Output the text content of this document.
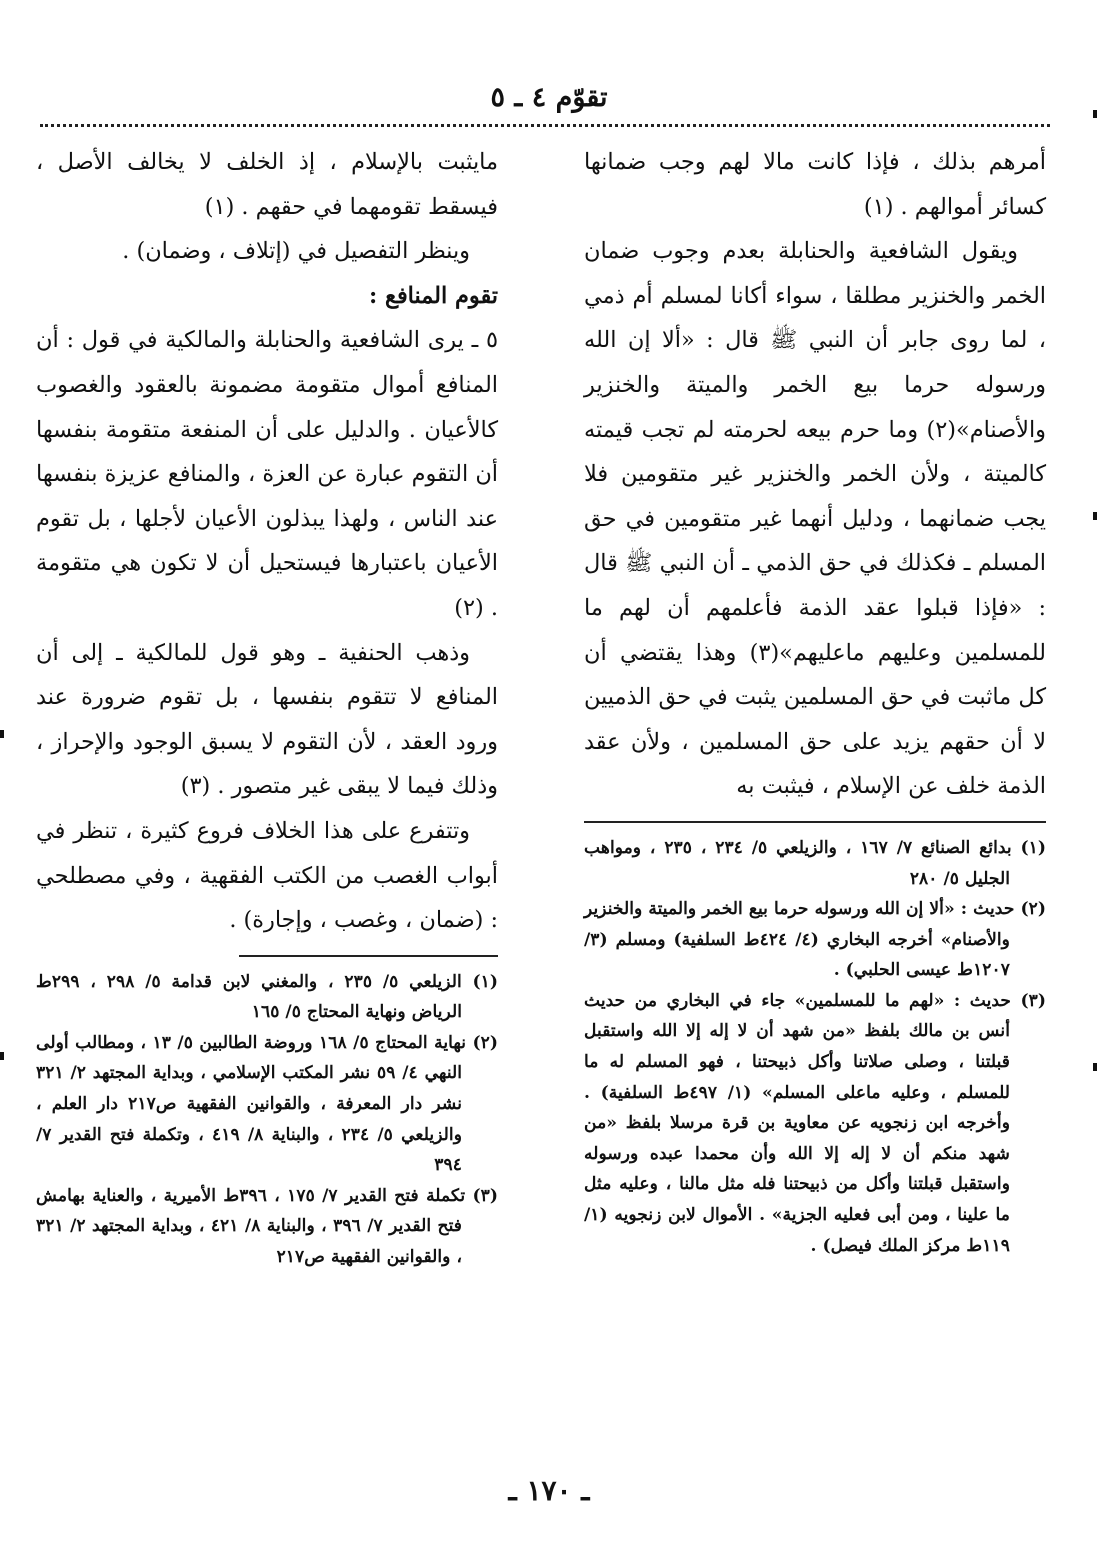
تقوّم ٤ ـ ٥

أمرهم بذلك ، فإذا كانت مالا لهم وجب ضمانها كسائر أموالهم . (١)

ويقول الشافعية والحنابلة بعدم وجوب ضمان الخمر والخنزير مطلقا ، سواء أكانا لمسلم أم ذمي ، لما روى جابر أن النبي ﷺ قال : «ألا إن الله ورسوله حرما بيع الخمر والميتة والخنزير والأصنام»(٢) وما حرم بيعه لحرمته لم تجب قيمته كالميتة ، ولأن الخمر والخنزير غير متقومين فلا يجب ضمانهما ، ودليل أنهما غير متقومين في حق المسلم ـ فكذلك في حق الذمي ـ أن النبي ﷺ قال : «فإذا قبلوا عقد الذمة فأعلمهم أن لهم ما للمسلمين وعليهم ماعليهم»(٣) وهذا يقتضي أن كل ماثبت في حق المسلمين يثبت في حق الذميين لا أن حقهم يزيد على حق المسلمين ، ولأن عقد الذمة خلف عن الإسلام ، فيثبت به

(١) بدائع الصنائع ٧/ ١٦٧ ، والزيلعي ٥/ ٢٣٤ ، ٢٣٥ ، ومواهب الجليل ٥/ ٢٨٠

(٢) حديث : «ألا إن الله ورسوله حرما بيع الخمر والميتة والخنزير والأصنام» أخرجه البخاري (٤/ ٤٢٤ط السلفية) ومسلم (٣/ ١٢٠٧ط عيسى الحلبي) .

(٣) حديث : «لهم ما للمسلمين» جاء في البخاري من حديث أنس بن مالك بلفظ «من شهد أن لا إله إلا الله واستقبل قبلتنا ، وصلى صلاتنا وأكل ذبيحتنا ، فهو المسلم له ما للمسلم ، وعليه ماعلى المسلم» (١/ ٤٩٧ط السلفية) . وأخرجه ابن زنجويه عن معاوية بن قرة مرسلا بلفظ «من شهد منكم أن لا إله إلا الله وأن محمدا عبده ورسوله واستقبل قبلتنا وأكل من ذبيحتنا فله مثل مالنا ، وعليه مثل ما علينا ، ومن أبى فعليه الجزية» . الأموال لابن زنجويه (١/ ١١٩ط مركز الملك فيصل) .

مايثبت بالإسلام ، إذ الخلف لا يخالف الأصل ، فيسقط تقومهما في حقهم . (١)

وينظر التفصيل في (إتلاف ، وضمان) .

تقوم المنافع :

٥ ـ يرى الشافعية والحنابلة والمالكية في قول : أن المنافع أموال متقومة مضمونة بالعقود والغصوب كالأعيان . والدليل على أن المنفعة متقومة بنفسها أن التقوم عبارة عن العزة ، والمنافع عزيزة بنفسها عند الناس ، ولهذا يبذلون الأعيان لأجلها ، بل تقوم الأعيان باعتبارها فيستحيل أن لا تكون هي متقومة . (٢)

وذهب الحنفية ـ وهو قول للمالكية ـ إلى أن المنافع لا تتقوم بنفسها ، بل تقوم ضرورة عند ورود العقد ، لأن التقوم لا يسبق الوجود والإحراز ، وذلك فيما لا يبقى غير متصور . (٣)

وتتفرع على هذا الخلاف فروع كثيرة ، تنظر في أبواب الغصب من الكتب الفقهية ، وفي مصطلحي : (ضمان ، وغصب ، وإجارة) .

(١) الزيلعي ٥/ ٢٣٥ ، والمغني لابن قدامة ٥/ ٢٩٨ ، ٢٩٩ط الرياض ونهاية المحتاج ٥/ ١٦٥

(٢) نهاية المحتاج ٥/ ١٦٨ وروضة الطالبين ٥/ ١٣ ، ومطالب أولى النهي ٤/ ٥٩ نشر المكتب الإسلامي ، وبداية المجتهد ٢/ ٣٢١ نشر دار المعرفة ، والقوانين الفقهية ص٢١٧ دار العلم ، والزيلعي ٥/ ٢٣٤ ، والبناية ٨/ ٤١٩ ، وتكملة فتح القدير ٧/ ٣٩٤

(٣) تكملة فتح القدير ٧/ ١٧٥ ، ٣٩٦ط الأميرية ، والعناية بهامش فتح القدير ٧/ ٣٩٦ ، والبناية ٨/ ٤٢١ ، وبداية المجتهد ٢/ ٣٢١ ، والقوانين الفقهية ص٢١٧

ـ ١٧٠ ـ
